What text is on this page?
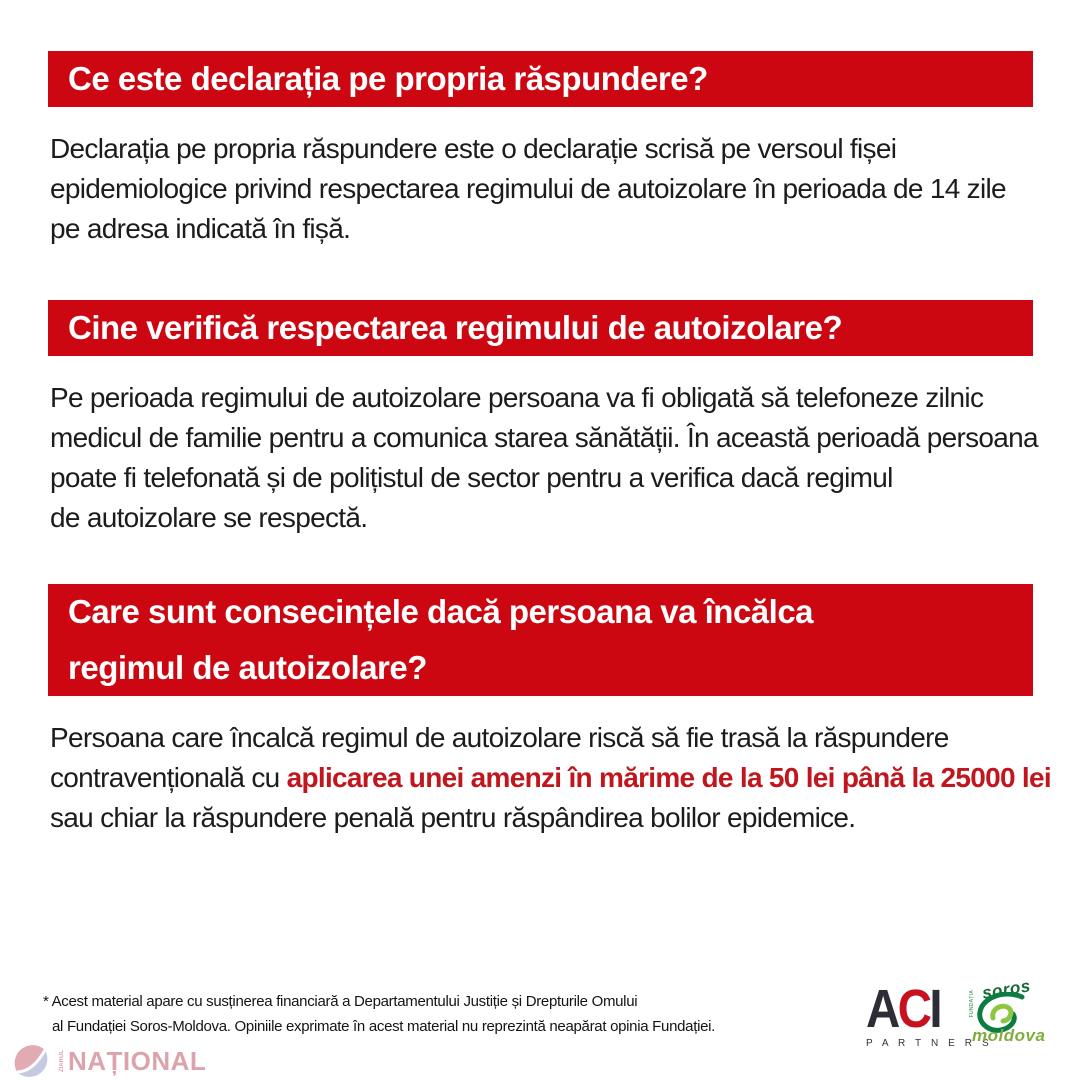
Ce este declarația pe propria răspundere?
Declarația pe propria răspundere este o declarație scrisă pe versoul fișei
epidemiologice privind respectarea regimului de autoizolare în perioada de 14 zile
pe adresa indicată în fișă.
Cine verifică respectarea regimului de autoizolare?
Pe perioada regimului de autoizolare persoana va fi obligată să telefoneze zilnic
medicul de familie pentru a comunica starea sănătății. În această perioadă persoana
poate fi telefonată și de polițistul de sector pentru a verifica dacă regimul
de autoizolare se respectă.
Care sunt consecințele dacă persoana va încălca
regimul de autoizolare?
Persoana care încalcă regimul de autoizolare riscă să fie trasă la răspundere
contravențională cu aplicarea unei amenzi în mărime de la 50 lei până la 25000 lei
sau chiar la răspundere penală pentru răspândirea bolilor epidemice.
* Acest material apare cu susținerea financiară a Departamentului Justiție și Drepturile Omului
al Fundației Soros-Moldova. Opiniile exprimate în acest material nu reprezintă neapărat opinia Fundației.	ACI
P A R T N E R S
FUNDAȚIA
soros
moldova
ZIARUL NAȚIONAL
